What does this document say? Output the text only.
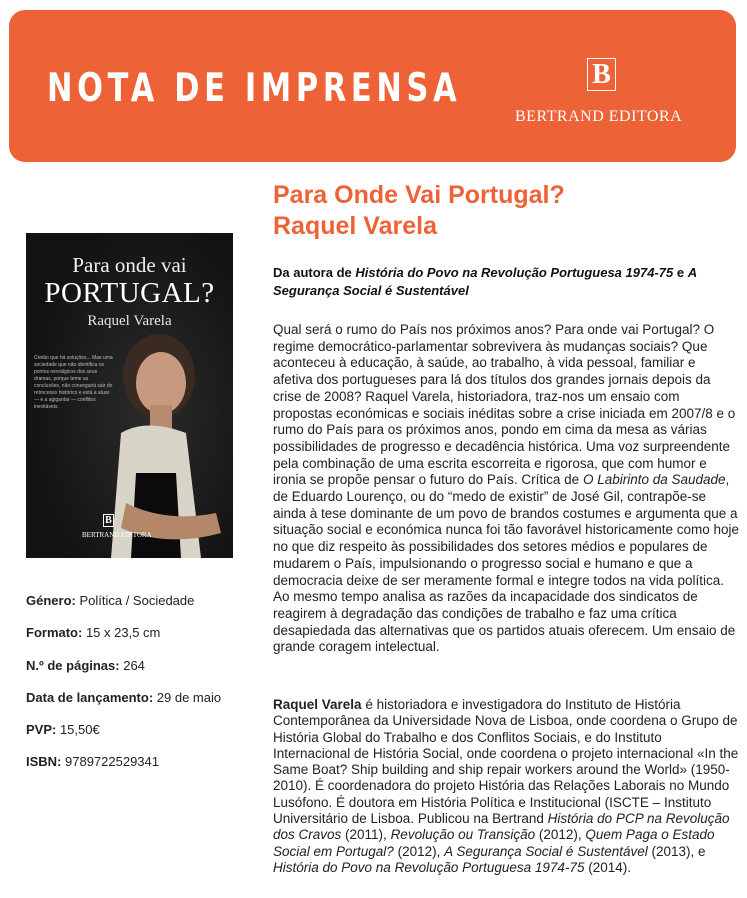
NOTA DE IMPRENSA	B
BERTRAND EDITORA
Para Onde Vai Portugal?
Raquel Varela
Para onde vai
PORTUGAL?
Raquel Varela
Creião que há soluções... Mas uma sociedade que não identifica os pontos nevrálgicos dos seus dramas, porque teme as conclusões, não conseguirá sair do retrocesso histórico e está a atuar — e a agigantar — conflitos inevitáveis.
B
BERTRAND EDITORA
Da autora de História do Povo na Revolução Portuguesa 1974-75 e A Segurança Social é Sustentável
Qual será o rumo do País nos próximos anos? Para onde vai Portugal? O regime democrático-parlamentar sobrevivera às mudanças sociais? Que aconteceu à educação, à saúde, ao trabalho, à vida pessoal, familiar e afetiva dos portugueses para lá dos títulos dos grandes jornais depois da crise de 2008? Raquel Varela, historiadora, traz-nos um ensaio com propostas económicas e sociais inéditas sobre a crise iniciada em 2007/8 e o rumo do País para os próximos anos, pondo em cima da mesa as várias possibilidades de progresso e decadência histórica. Uma voz surpreendente pela combinação de uma escrita escorreita e rigorosa, que com humor e ironia se propõe pensar o futuro do País. Crítica de O Labirinto da Saudade, de Eduardo Lourenço, ou do “medo de existir” de José Gil, contrapõe-se ainda à tese dominante de um povo de brandos costumes e argumenta que a situação social e económica nunca foi tão favorável historicamente como hoje no que diz respeito às possibilidades dos setores médios e populares de mudarem o País, impulsionando o progresso social e humano e que a democracia deixe de ser meramente formal e integre todos na vida política. Ao mesmo tempo analisa as razões da incapacidade dos sindicatos de reagirem à degradação das condições de trabalho e faz uma crítica desapiedada das alternativas que os partidos atuais oferecem. Um ensaio de grande coragem intelectual.
Raquel Varela é historiadora e investigadora do Instituto de História Contemporânea da Universidade Nova de Lisboa, onde coordena o Grupo de História Global do Trabalho e dos Conflitos Sociais, e do Instituto Internacional de História Social, onde coordena o projeto internacional «In the Same Boat? Ship building and ship repair workers around the World» (1950-2010). É coordenadora do projeto História das Relações Laborais no Mundo Lusófono. É doutora em História Política e Institucional (ISCTE – Instituto Universitário de Lisboa. Publicou na Bertrand História do PCP na Revolução dos Cravos (2011), Revolução ou Transição (2012), Quem Paga o Estado Social em Portugal? (2012), A Segurança Social é Sustentável (2013), e História do Povo na Revolução Portuguesa 1974-75 (2014).
Género: Política / Sociedade
Formato: 15 x 23,5 cm
N.º de páginas: 264
Data de lançamento: 29 de maio
PVP: 15,50€
ISBN: 9789722529341
